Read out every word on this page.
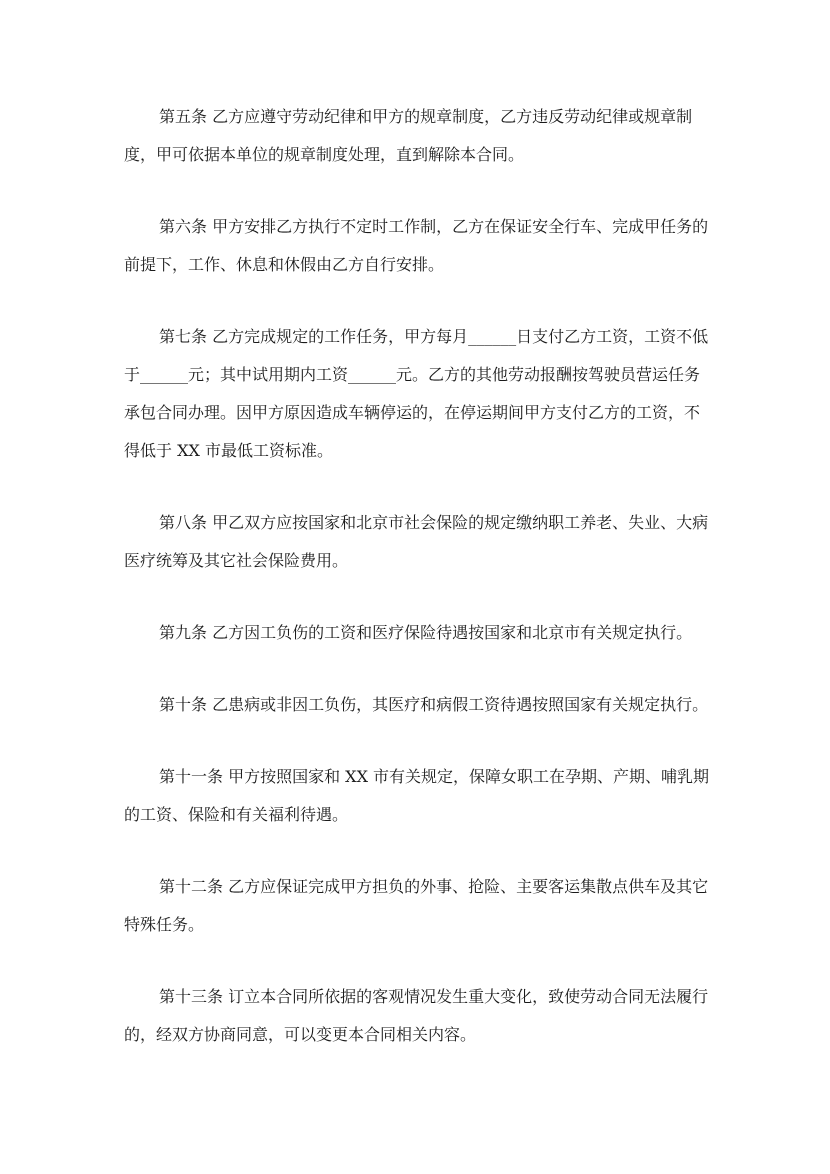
第五条 乙方应遵守劳动纪律和甲方的规章制度，乙方违反劳动纪律或规章制度，甲可依据本单位的规章制度处理，直到解除本合同。

第六条 甲方安排乙方执行不定时工作制，乙方在保证安全行车、完成甲任务的前提下，工作、休息和休假由乙方自行安排。

第七条 乙方完成规定的工作任务，甲方每月______日支付乙方工资，工资不低于______元；其中试用期内工资______元。乙方的其他劳动报酬按驾驶员营运任务承包合同办理。因甲方原因造成车辆停运的，在停运期间甲方支付乙方的工资，不得低于 XX 市最低工资标准。

第八条 甲乙双方应按国家和北京市社会保险的规定缴纳职工养老、失业、大病医疗统筹及其它社会保险费用。

第九条 乙方因工负伤的工资和医疗保险待遇按国家和北京市有关规定执行。

第十条 乙患病或非因工负伤，其医疗和病假工资待遇按照国家有关规定执行。

第十一条 甲方按照国家和 XX 市有关规定，保障女职工在孕期、产期、哺乳期的工资、保险和有关福利待遇。

第十二条 乙方应保证完成甲方担负的外事、抢险、主要客运集散点供车及其它特殊任务。

第十三条 订立本合同所依据的客观情况发生重大变化，致使劳动合同无法履行的，经双方协商同意，可以变更本合同相关内容。
